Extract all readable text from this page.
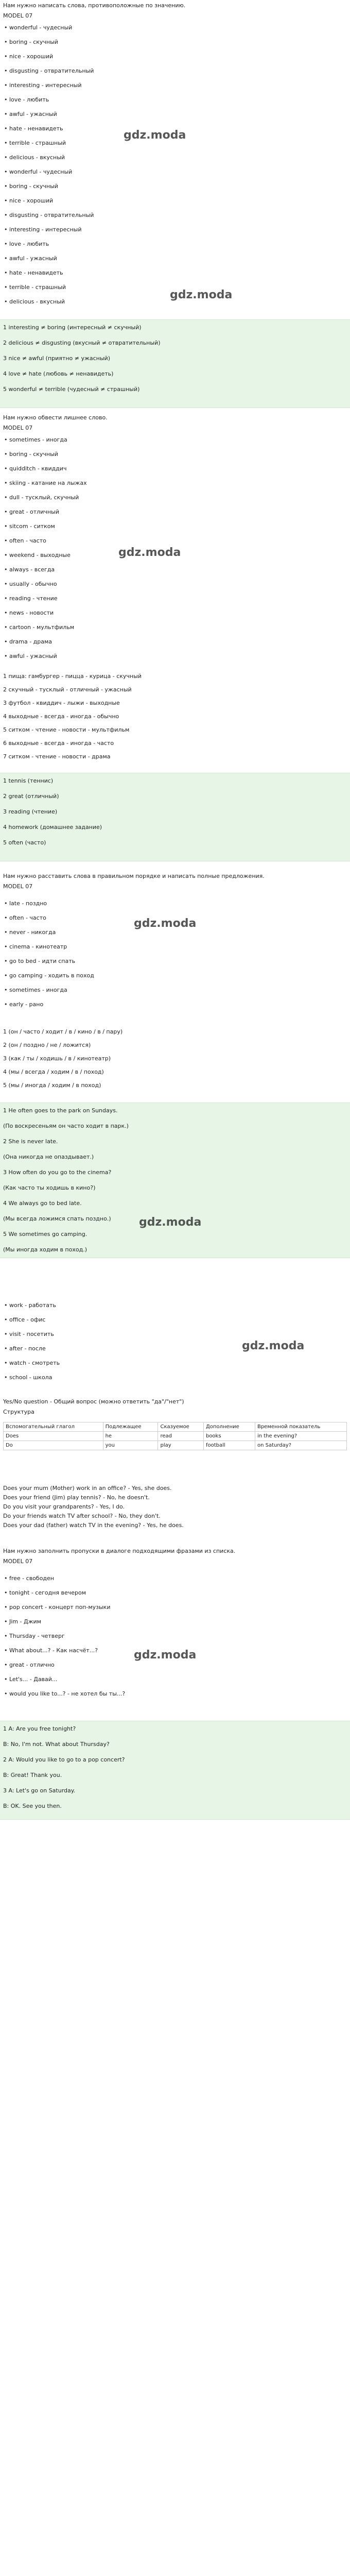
Нам нужно написать слова, противоположные по значению.

MODEL 07

• wonderful - чудесный
• boring - скучный
• nice - хороший
• disgusting - отвратительный
• interesting - интересный
• love - любить
• awful - ужасный
• hate - ненавидеть
• terrible - страшный
• delicious - вкусный
• wonderful - чудесный
• boring - скучный
• nice - хороший
• disgusting - отвратительный
• interesting - интересный
• love - любить
• awful - ужасный
• hate - ненавидеть
• terrible - страшный
• delicious - вкусный

1 interesting ≠ boring (интересный ≠ скучный)

2 delicious ≠ disgusting (вкусный ≠ отвратительный)

3 nice ≠ awful (приятно ≠ ужасный)

4 love ≠ hate (любовь ≠ ненавидеть)

5 wonderful ≠ terrible (чудесный ≠ страшный)

Нам нужно обвести лишнее слово.

MODEL 07

• sometimes - иногда
• boring - скучный
• quidditch - квиддич
• skiing - катание на лыжах
• dull - тусклый, скучный
• great - отличный
• sitcom - ситком
• often - часто
• weekend - выходные
• always - всегда
• usually - обычно
• reading - чтение
• news - новости
• cartoon - мультфильм
• drama - драма
• awful - ужасный
1 пища: гамбургер - пицца - курица - скучный
2 скучный - тусклый - отличный - ужасный
3 футбол - квиддич - лыжи - выходные
4 выходные - всегда - иногда - обычно
5 ситком - чтение - новости - мультфильм
6 выходные - всегда - иногда - часто
7 ситком - чтение - новости - драма

1 tennis (теннис)

2 great (отличный)

3 reading (чтение)

4 homework (домашнее задание)

5 often (часто)

Нам нужно расставить слова в правильном порядке и написать полные предложения.

MODEL 07

• late - поздно
• often - часто
• never - никогда
• cinema - кинотеатр
• go to bed - идти спать
• go camping - ходить в поход
• sometimes - иногда
• early - рано
1 (он / часто / ходит / в / кино / в / пару)
2 (он / поздно / не / ложится)
3 (как / ты / ходишь / в / кинотеатр)
4 (мы / всегда / ходим / в / поход)
5 (мы / иногда / ходим / в поход)

1 He often goes to the park on Sundays.

(По воскресеньям он часто ходит в парк.)

2 She is never late.

(Она никогда не опаздывает.)

3 How often do you go to the cinema?

(Как часто ты ходишь в кино?)

4 We always go to bed late.

(Мы всегда ложимся спать поздно.)

5 We sometimes go camping.

(Мы иногда ходим в поход.)

• work - работать
• office - офис
• visit - посетить
• after - после
• watch - смотреть
• school - школа

Yes/No question - Общий вопрос (можно ответить "да"/"нет")

Структура

Вспомогательный глагол	Подлежащее	Сказуемое	Дополнение	Временной показатель
Does	he	read	books	in the evening?
Do	you	play	football	on Saturday?

Does your mum (Mother) work in an office? - Yes, she does.

Does your friend (Jim) play tennis? - No, he doesn't.

Do you visit your grandparents? - Yes, I do.

Do your friends watch TV after school? - No, they don't.

Does your dad (father) watch TV in the evening? - Yes, he does.

Нам нужно заполнить пропуски в диалоге подходящими фразами из списка.

MODEL 07

• free - свободен
• tonight - сегодня вечером
• pop concert - концерт поп-музыки
• Jim - Джим
• Thursday - четверг
• What about...? - Как насчёт...?
• great - отлично
• Let's... - Давай...
• would you like to...? - не хотел бы ты...?

1 A: Are you free tonight?

B: No, I'm not. What about Thursday?

2 A: Would you like to go to a pop concert?

B: Great! Thank you.

3 A: Let's go on Saturday.

B: OK. See you then.

gdz.moda
gdz.moda
gdz.moda
gdz.moda
gdz.moda
gdz.moda
gdz.moda
